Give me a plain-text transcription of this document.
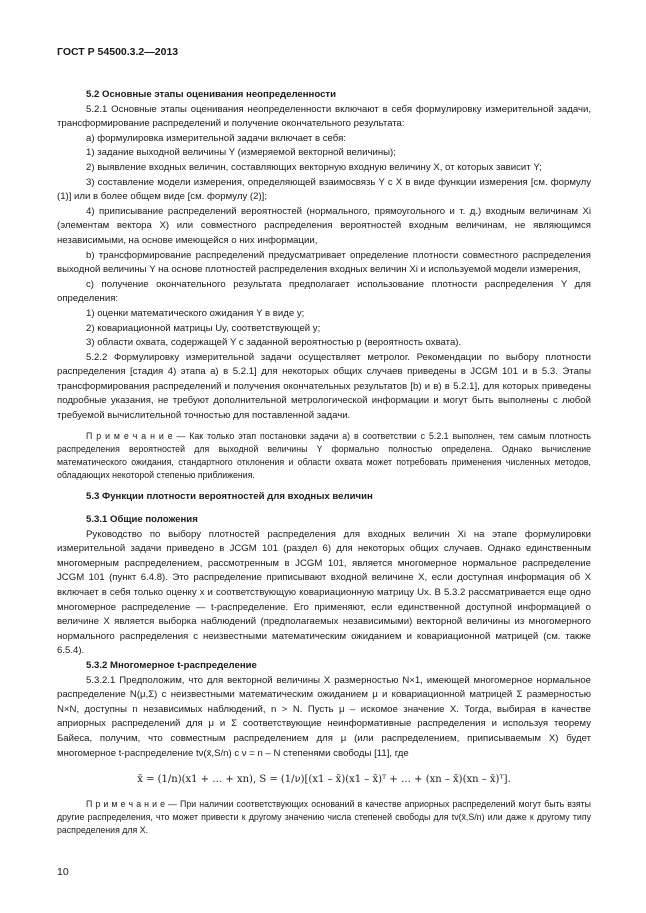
ГОСТ Р 54500.3.2—2013

5.2 Основные этапы оценивания неопределенности

5.2.1 Основные этапы оценивания неопределенности включают в себя формулировку измерительной задачи, трансформирование распределений и получение окончательного результата:

a) формулировка измерительной задачи включает в себя:

1) задание выходной величины Y (измеряемой векторной величины);

2) выявление входных величин, составляющих векторную входную величину X, от которых зависит Y;

3) составление модели измерения, определяющей взаимосвязь Y с X в виде функции измерения [см. формулу (1)] или в более общем виде [см. формулу (2)];

4) приписывание распределений вероятностей (нормального, прямоугольного и т. д.) входным величинам Xi (элементам вектора X) или совместного распределения вероятностей входным величинам, не являющимся независимыми, на основе имеющейся о них информации,

b) трансформирование распределений предусматривает определение плотности совместного распределения выходной величины Y на основе плотностей распределения входных величин Xi и используемой модели измерения,

c) получение окончательного результата предполагает использование плотности распределения Y для определения:

1) оценки математического ожидания Y в виде y;

2) ковариационной матрицы Uy, соответствующей y;

3) области охвата, содержащей Y с заданной вероятностью p (вероятность охвата).

5.2.2 Формулировку измерительной задачи осуществляет метролог. Рекомендации по выбору плотности распределения [стадия 4) этапа a) в 5.2.1] для некоторых общих случаев приведены в JCGM 101 и в 5.3. Этапы трансформирования распределений и получения окончательных результатов [b) и в) в 5.2.1], для которых приведены подробные указания, не требуют дополнительной метрологической информации и могут быть выполнены с любой требуемой вычислительной точностью для поставленной задачи.

П р и м е ч а н и е — Как только этап постановки задачи a) в соответствии с 5.2.1 выполнен, тем самым плотность распределения вероятностей для выходной величины Y формально полностью определена. Однако вычисление математического ожидания, стандартного отклонения и области охвата может потребовать применения численных методов, обладающих некоторой степенью приближения.

5.3 Функции плотности вероятностей для входных величин

5.3.1 Общие положения

Руководство по выбору плотностей распределения для входных величин Xi на этапе формулировки измерительной задачи приведено в JCGM 101 (раздел 6) для некоторых общих случаев. Однако единственным многомерным распределением, рассмотренным в JCGM 101, является многомерное нормальное распределение JCGM 101 (пункт 6.4.8). Это распределение приписывают входной величине X, если доступная информация об X включает в себя только оценку x и соответствующую ковариационную матрицу Ux. В 5.3.2 рассматривается еще одно многомерное распределение — t-распределение. Его применяют, если единственной доступной информацией о величине X является выборка наблюдений (предполагаемых независимыми) векторной величины из многомерного нормального распределения с неизвестными математическим ожиданием и ковариационной матрицей (см. также 6.5.4).

5.3.2 Многомерное t-распределение

5.3.2.1 Предположим, что для векторной величины X размерностью N×1, имеющей многомерное нормальное распределение N(μ,Σ) с неизвестными математическим ожиданием μ и ковариационной матрицей Σ размерностью N×N, доступны n независимых наблюдений, n > N. Пусть μ – искомое значение X. Тогда, выбирая в качестве априорных распределений для μ и Σ соответствующие неинформативные распределения и используя теорему Байеса, получим, что совместным распределением для μ (или распределением, приписываемым X) будет многомерное t-распределение tν(x̄,S/n) с ν = n – N степенями свободы [11], где

x̄ = (1/n)(x1 + … + xn), S = (1/ν)[(x1 – x̄)(x1 – x̄)ᵀ + … + (xn – x̄)(xn – x̄)ᵀ].

П р и м е ч а н и е — При наличии соответствующих оснований в качестве априорных распределений могут быть взяты другие распределения, что может привести к другому значению числа степеней свободы для tν(x̄,S/n) или даже к другому типу распределения для X.

10
